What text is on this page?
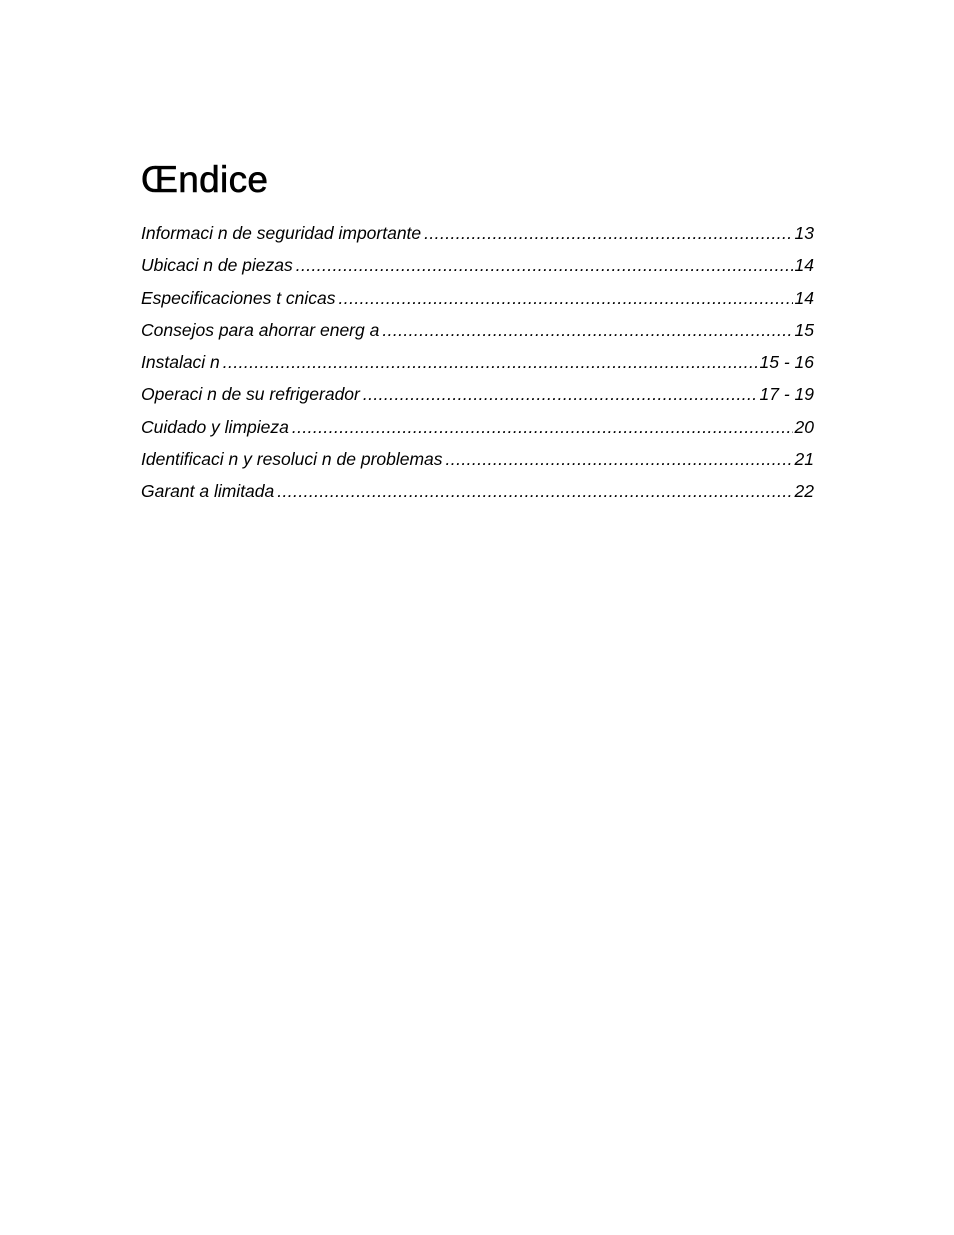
Œndice
Informaci n de seguridad importante .....	13
Ubicaci n de piezas .....	14
Especificaciones t cnicas .....	14
Consejos para ahorrar energ a .....	15
Instalaci n .....	15 - 16
Operaci n de su refrigerador .....	17 - 19
Cuidado y limpieza .....	20
Identificaci n y resoluci n de problemas .....	21
Garant a limitada .....	22
